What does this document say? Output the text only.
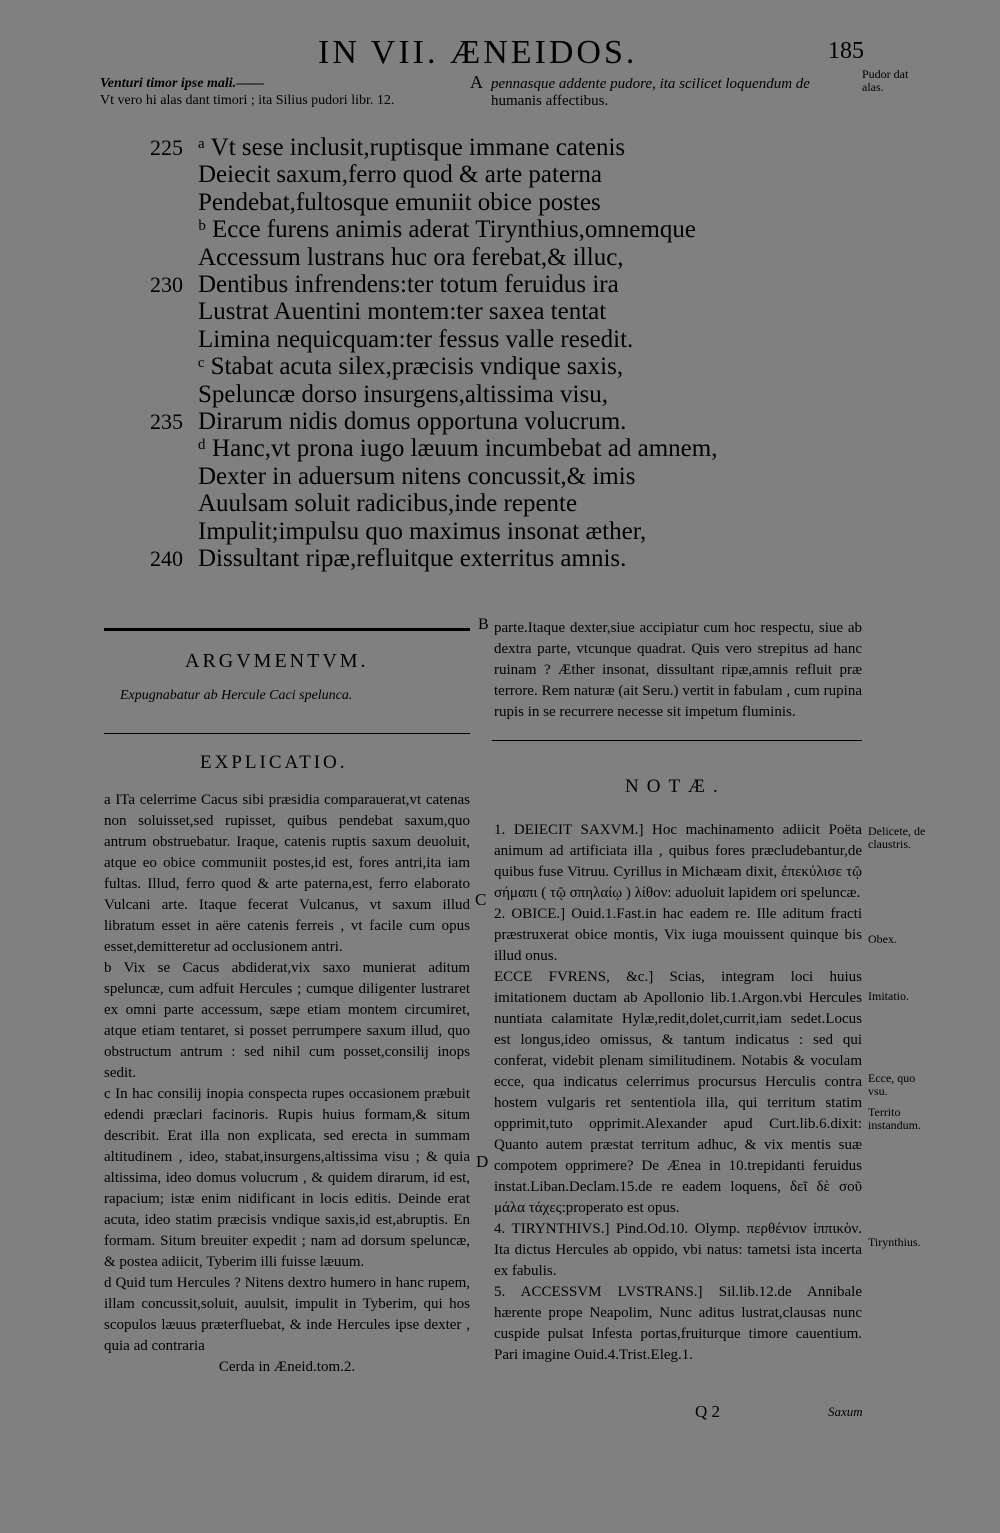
IN VII. ÆNEIDOS.	185
Venturi timor ipse mali.——
Vt vero hi alas dant timori ; ita Silius pudori libr. 12.
A pennasque addente pudore, ita scilicet loquendum de
humanis affectibus.
Pudor dat alas.
225 ᵃ Vt sese inclusit,ruptisque immane catenis
Deiecit saxum,ferro quod & arte paterna
Pendebat,fultosque emuniit obice postes
ᵇ Ecce furens animis aderat Tirynthius,omnemque
Accessum lustrans huc ora ferebat,& illuc,
230 Dentibus infrendens:ter totum feruidus ira
Lustrat Auentini montem:ter saxea tentat
Limina nequicquam:ter fessus valle resedit.
ᶜ Stabat acuta silex,præcisis vndique saxis,
Speluncæ dorso insurgens,altissima visu,
235 Dirarum nidis domus opportuna volucrum.
ᵈ Hanc,vt prona iugo læuum incumbebat ad amnem,
Dexter in aduersum nitens concussit,& imis
Auulsam soluit radicibus,inde repente
Impulit;impulsu quo maximus insonat æther,
240 Dissultant ripæ,refluitque exterritus amnis.
ARGVMENTVM.
Expugnabatur ab Hercule Caci spelunca.
EXPLICATIO.

a ITa celerrime Cacus sibi præsidia comparauerat,vt catenas non soluisset,sed rupisset, quibus pendebat saxum,quo antrum obstruebatur. Iraque, catenis ruptis saxum deuoluit, atque eo obice communiit postes,id est, fores antri,ita iam fultas. Illud, ferro quod & arte paterna,est, ferro elaborato Vulcani arte. Itaque fecerat Vulcanus, vt saxum illud libratum esset in aëre catenis ferreis , vt facile cum opus esset,demitteretur ad occlusionem antri.

b Vix se Cacus abdiderat,vix saxo munierat aditum speluncæ, cum adfuit Hercules ; cumque diligenter lustraret ex omni parte accessum, sæpe etiam montem circumiret, atque etiam tentaret, si posset perrumpere saxum illud, quo obstructum antrum : sed nihil cum posset,consilij inops sedit.

c In hac consilij inopia conspecta rupes occasionem præbuit edendi præclari facinoris. Rupis huius formam,& situm describit. Erat illa non explicata, sed erecta in summam altitudinem , ideo, stabat,insurgens,altissima visu ; & quia altissima, ideo domus volucrum , & quidem dirarum, id est, rapacium; istæ enim nidificant in locis editis. Deinde erat acuta, ideo statim præcisis vndique saxis,id est,abruptis. En formam. Situm breuiter expedit ; nam ad dorsum speluncæ, & postea adiicit, Tyberim illi fuisse læuum.

d Quid tum Hercules ? Nitens dextro humero in hanc rupem, illam concussit,soluit, auulsit, impulit in Tyberim, qui hos scopulos læuus præterfluebat, & inde Hercules ipse dexter , quia ad contraria

Cerda in Æneid.tom.2.

B parte.Itaque dexter,siue accipiatur cum hoc respectu, siue ab dextra parte, vtcunque quadrat. Quis vero strepitus ad hanc ruinam ? Æther insonat, dissultant ripæ,amnis refluit præ terrore. Rem naturæ (ait Seru.) vertit in fabulam , cum rupina rupis in se recurrere necesse sit impetum fluminis.
NOTÆ.

1. DEIECIT SAXVM.] Hoc machinamento adiicit Poëta animum ad artificiata illa , quibus fores præcludebantur,de quibus fuse Vitruu. Cyrillus in Michæam dixit, ἐπεκύλισε τῷ σήμαπι ( τῷ σπηλαίῳ ) λίθον: aduoluit lapidem ori speluncæ.

2. OBICE.] Ouid.1.Fast.in hac eadem re. Ille aditum fracti præstruxerat obice montis, Vix iuga mouissent quinque bis illud onus.

ECCE FVRENS, &c.] Scias, integram loci huius imitationem ductam ab Apollonio lib.1.Argon.vbi Hercules nuntiata calamitate Hylæ,redit,dolet,currit,iam sedet.Locus est longus,ideo omissus, & tantum indicatus : sed qui conferat, videbit plenam similitudinem. Notabis & voculam ecce, qua indicatus celerrimus procursus Herculis contra hostem vulgaris ret sententiola illa, qui territum statim opprimit,tuto opprimit.Alexander apud Curt.lib.6.dixit: Quanto autem præstat territum adhuc, & vix mentis suæ compotem opprimere? De Ænea in 10.trepidanti feruidus instat.Liban.Declam.15.de re eadem loquens, δεῖ δὲ σοῦ μάλα τάχες:properato est opus.

4. TIRYNTHIVS.] Pind.Od.10. Olymp. περθένιον ἱππικὸν. Ita dictus Hercules ab oppido, vbi natus: tametsi ista incerta ex fabulis.

5. ACCESSVM LVSTRANS.] Sil.lib.12.de Annibale hærente prope Neapolim, Nunc aditus lustrat,clausas nunc cuspide pulsat Infesta portas,fruiturque timore cauentium. Pari imagine Ouid.4.Trist.Eleg.1.

Q 2	Saxum
C
D
Delicete, de claustris.
Obex.
Imitatio.
Ecce, quo vsu.
Territo instandum.
Tirynthius.
